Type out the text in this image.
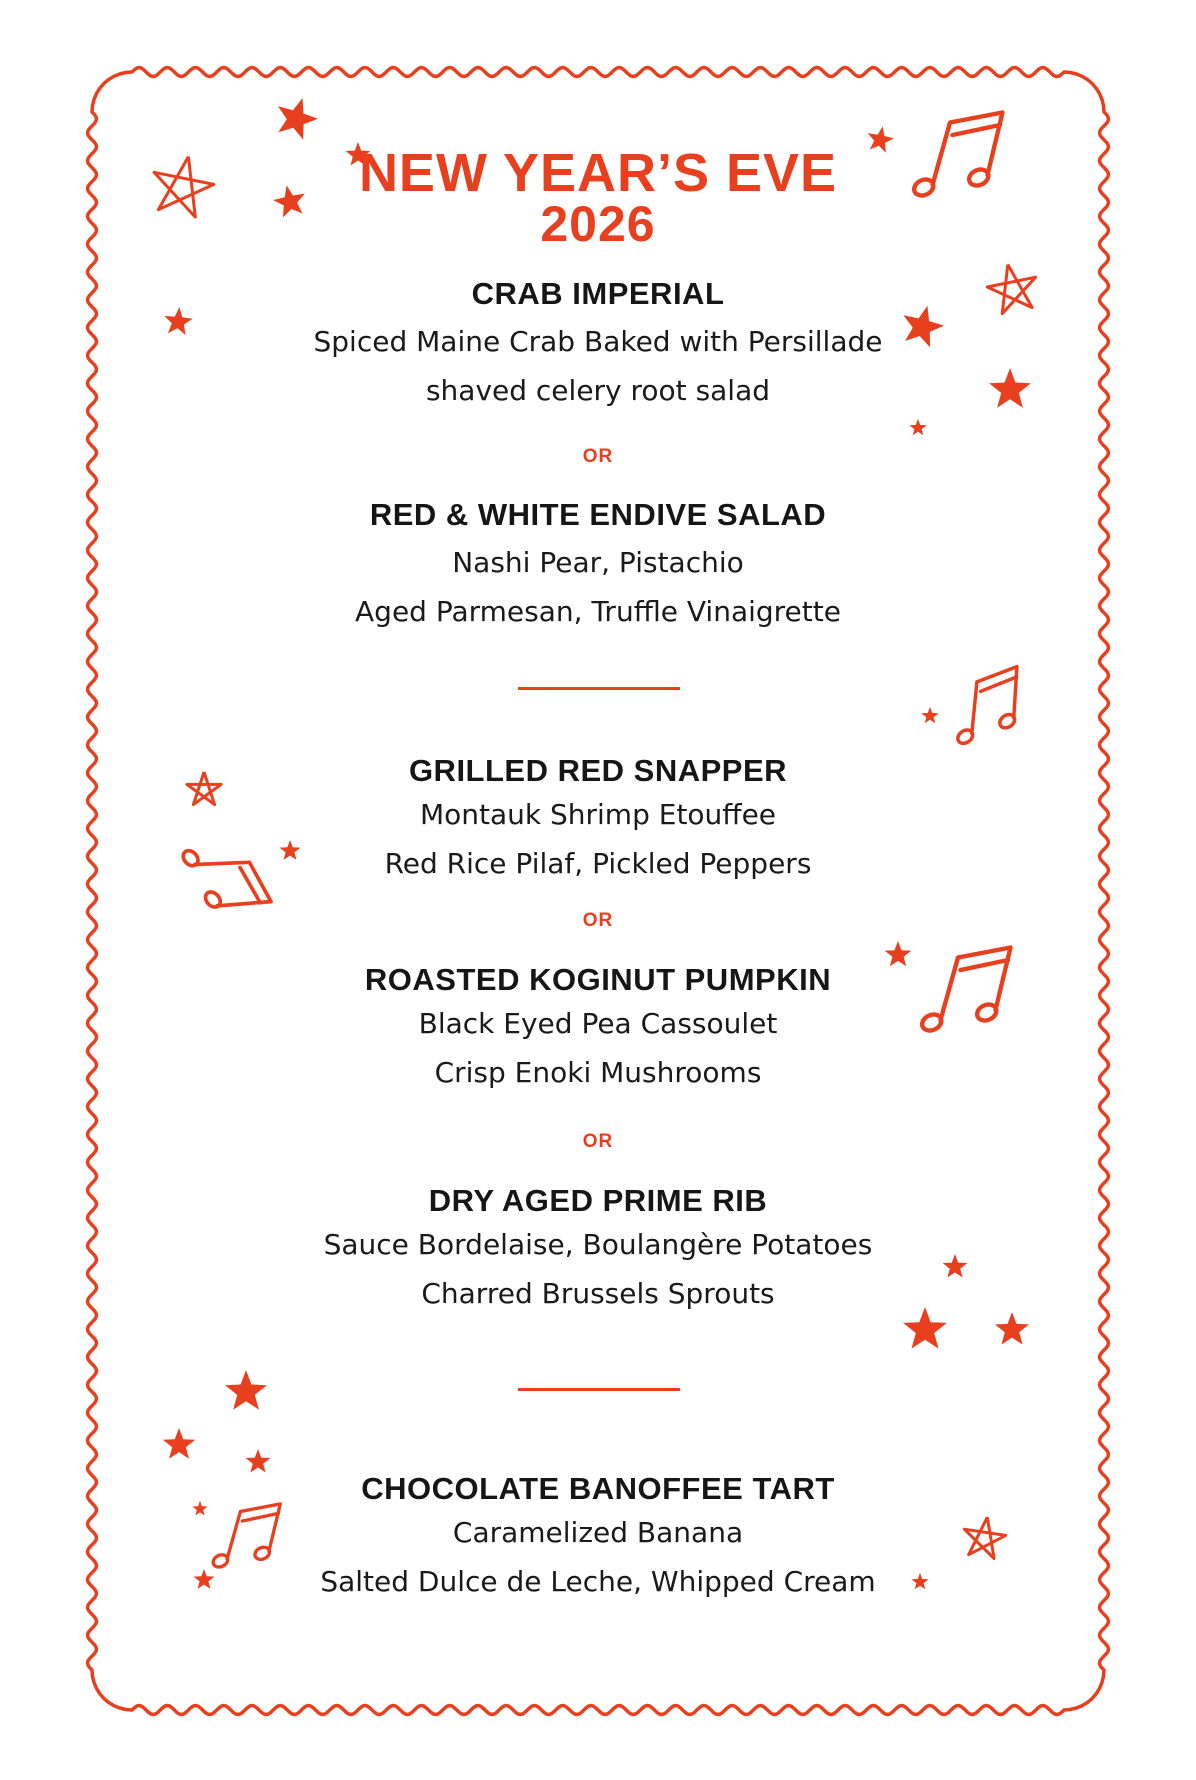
NEW YEAR’S EVE
2026
CRAB IMPERIAL
Spiced Maine Crab Baked with Persillade
shaved celery root salad
OR
RED & WHITE ENDIVE SALAD
Nashi Pear, Pistachio
Aged Parmesan, Truffle Vinaigrette
GRILLED RED SNAPPER
Montauk Shrimp Etouffee
Red Rice Pilaf, Pickled Peppers
OR
ROASTED KOGINUT PUMPKIN
Black Eyed Pea Cassoulet
Crisp Enoki Mushrooms
OR
DRY AGED PRIME RIB
Sauce Bordelaise, Boulangère Potatoes
Charred Brussels Sprouts
CHOCOLATE BANOFFEE TART
Caramelized Banana
Salted Dulce de Leche, Whipped Cream
